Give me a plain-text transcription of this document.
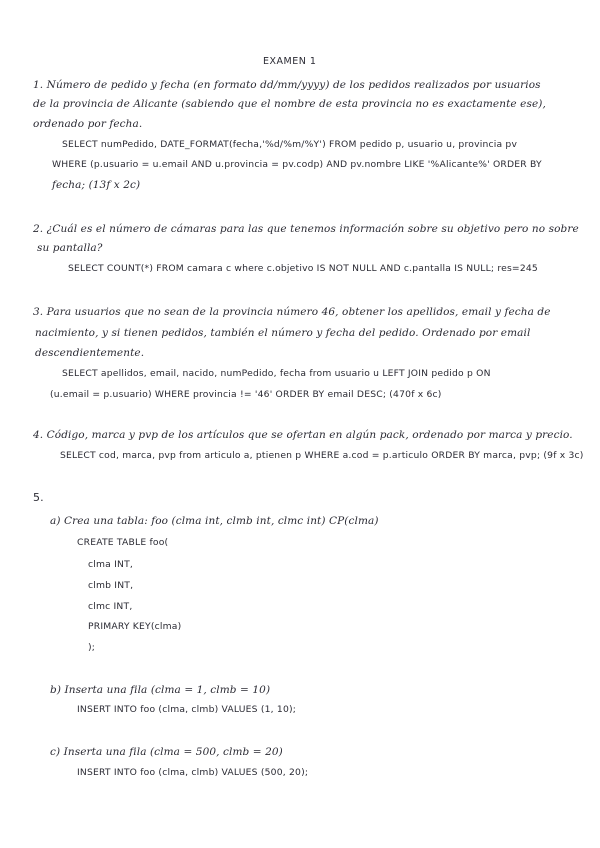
EXAMEN 1
1. Número de pedido y fecha (en formato dd/mm/yyyy) de los pedidos realizados por usuarios
de la provincia de Alicante (sabiendo que el nombre de esta provincia no es exactamente ese),
ordenado por fecha.
SELECT numPedido, DATE_FORMAT(fecha,'%d/%m/%Y') FROM pedido p, usuario u, provincia pv
WHERE (p.usuario = u.email AND u.provincia = pv.codp) AND pv.nombre LIKE '%Alicante%' ORDER BY
fecha; (13f x 2c)
2. ¿Cuál es el número de cámaras para las que tenemos información sobre su objetivo pero no sobre
su pantalla?
SELECT COUNT(*) FROM camara c where c.objetivo IS NOT NULL AND c.pantalla IS NULL; res=245
3. Para usuarios que no sean de la provincia número 46, obtener los apellidos, email y fecha de
nacimiento, y si tienen pedidos, también el número y fecha del pedido. Ordenado por email
descendientemente.
SELECT apellidos, email, nacido, numPedido, fecha from usuario u LEFT JOIN pedido p ON
(u.email = p.usuario) WHERE provincia != '46' ORDER BY email DESC; (470f x 6c)
4. Código, marca y pvp de los artículos que se ofertan en algún pack, ordenado por marca y precio.
SELECT cod, marca, pvp from articulo a, ptienen p WHERE a.cod = p.articulo ORDER BY marca, pvp; (9f x 3c)
5.
a) Crea una tabla: foo (clma int, clmb int, clmc int) CP(clma)
CREATE TABLE foo(
clma INT,
clmb INT,
clmc INT,
PRIMARY KEY(clma)
);
b) Inserta una fila (clma = 1, clmb = 10)
INSERT INTO foo (clma, clmb) VALUES (1, 10);
c) Inserta una fila (clma = 500, clmb = 20)
INSERT INTO foo (clma, clmb) VALUES (500, 20);
